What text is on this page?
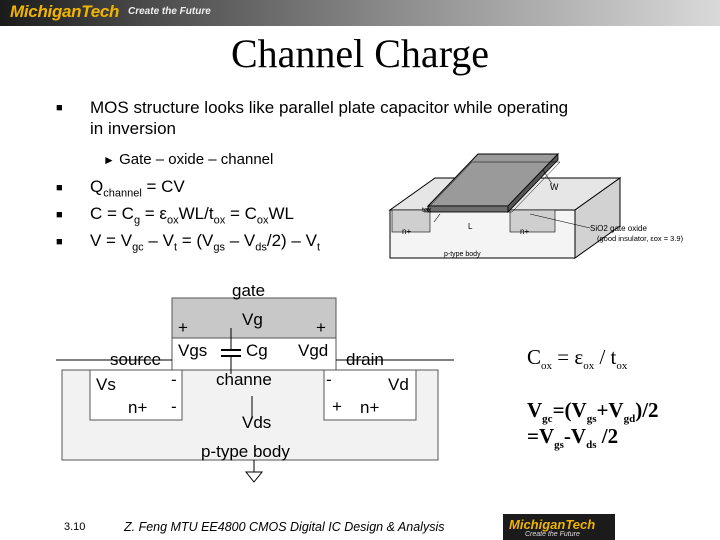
MichiganTech Create the Future
Channel Charge
■ MOS structure looks like parallel plate capacitor while operating
in inversion
► Gate – oxide – channel
■ $Q_{channel}$ = CV
■ $C = C_g = \varepsilon_{ox}WL/t_{ox} = C_{ox}WL$
■ $V = V_{gc} - V_t = (V_{gs} - V_{ds}/2) - V_t$
W
tox
L
n+	n+	SiO2 gate oxide
(good insulator, εox = 3.9)
p-type body
gate
Vg
+	+
Vgs Cg Vgd
source	drain
Vs	- channe	-	Vd
n+ -	+ n+
Vds
p-type body
$C_{ox} = \varepsilon_{ox} / t_{ox}$
$V_{gc}=(V_{gs}+V_{gd})/2$
$=V_{gs}-V_{ds}$ /2
3.10	Z. Feng MTU EE4800 CMOS Digital IC Design & Analysis	MichiganTech
Create the Future
